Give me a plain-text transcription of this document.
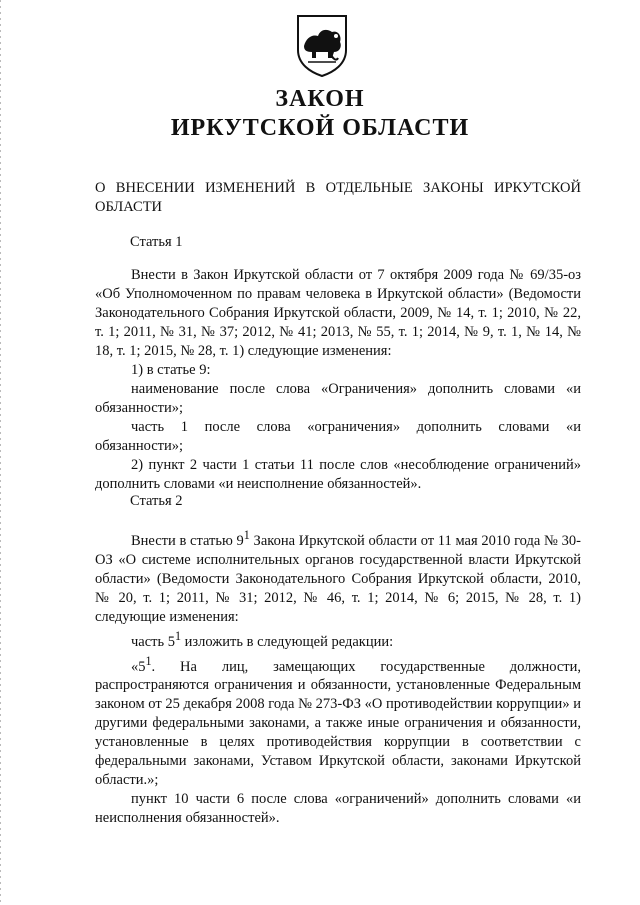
ЗАКОН
ИРКУТСКОЙ ОБЛАСТИ
О ВНЕСЕНИИ ИЗМЕНЕНИЙ В ОТДЕЛЬНЫЕ ЗАКОНЫ ИРКУТСКОЙ ОБЛАСТИ
Статья 1

Внести в Закон Иркутской области от 7 октября 2009 года № 69/35-оз «Об Уполномоченном по правам человека в Иркутской области» (Ведомости Законодательного Собрания Иркутской области, 2009, № 14, т. 1; 2010, № 22, т. 1; 2011, № 31, № 37; 2012, № 41; 2013, № 55, т. 1; 2014, № 9, т. 1, № 14, № 18, т. 1; 2015, № 28, т. 1) следующие изменения:

1) в статье 9:

наименование после слова «Ограничения» дополнить словами «и обязанности»;

часть 1 после слова «ограничения» дополнить словами «и обязанности»;

2) пункт 2 части 1 статьи 11 после слов «несоблюдение ограничений» дополнить словами «и неисполнение обязанностей».

Статья 2

Внести в статью $9^1$ Закона Иркутской области от 11 мая 2010 года № 30-ОЗ «О системе исполнительных органов государственной власти Иркутской области» (Ведомости Законодательного Собрания Иркутской области, 2010, № 20, т. 1; 2011, № 31; 2012, № 46, т. 1; 2014, № 6; 2015, № 28, т. 1) следующие изменения:

часть $5^1$ изложить в следующей редакции:

«$5^1$. На лиц, замещающих государственные должности, распространяются ограничения и обязанности, установленные Федеральным законом от 25 декабря 2008 года № 273-ФЗ «О противодействии коррупции» и другими федеральными законами, а также иные ограничения и обязанности, установленные в целях противодействия коррупции в соответствии с федеральными законами, Уставом Иркутской области, законами Иркутской области.»;

пункт 10 части 6 после слова «ограничений» дополнить словами «и неисполнения обязанностей».
